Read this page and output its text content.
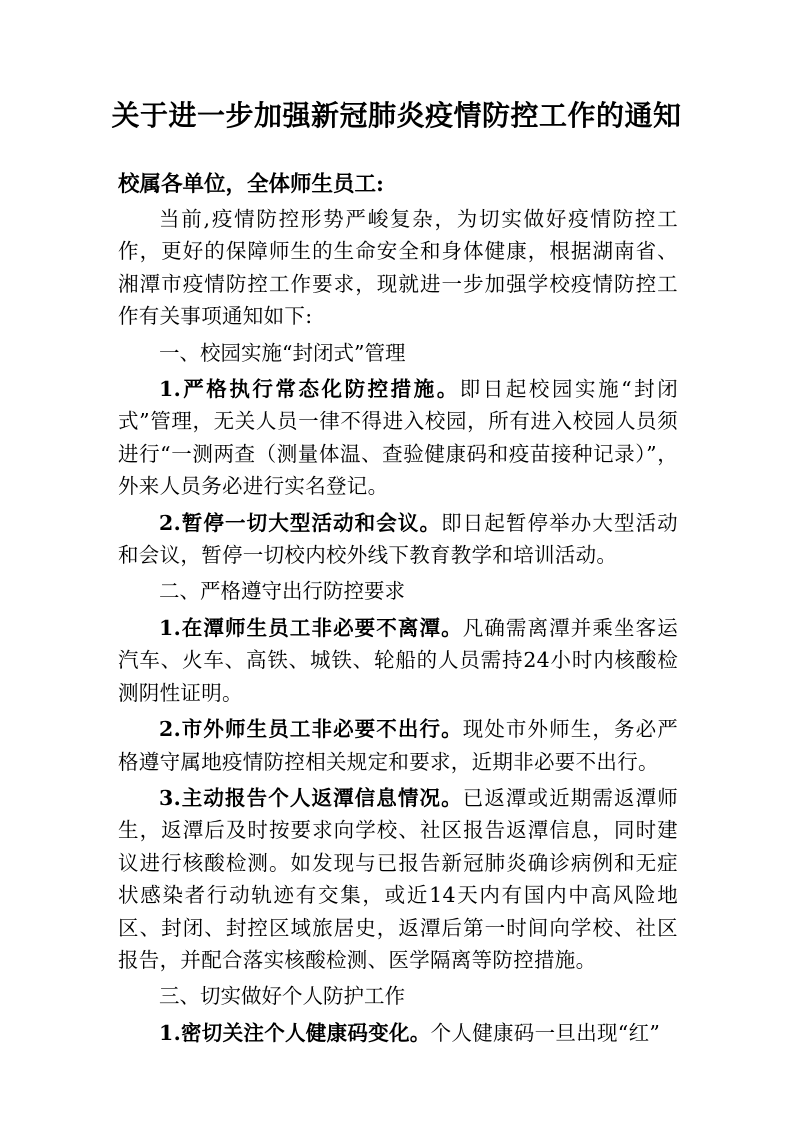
关于进一步加强新冠肺炎疫情防控工作的通知

校属各单位，全体师生员工:

当前,疫情防控形势严峻复杂，为切实做好疫情防控工作，更好的保障师生的生命安全和身体健康，根据湖南省、湘潭市疫情防控工作要求，现就进一步加强学校疫情防控工作有关事项通知如下:

一、校园实施“封闭式”管理

1.严格执行常态化防控措施。即日起校园实施“封闭式”管理，无关人员一律不得进入校园，所有进入校园人员须进行“一测两查（测量体温、查验健康码和疫苗接种记录）”，外来人员务必进行实名登记。

2.暂停一切大型活动和会议。即日起暂停举办大型活动和会议，暂停一切校内校外线下教育教学和培训活动。

二、严格遵守出行防控要求

1.在潭师生员工非必要不离潭。凡确需离潭并乘坐客运汽车、火车、高铁、城铁、轮船的人员需持24小时内核酸检测阴性证明。

2.市外师生员工非必要不出行。现处市外师生，务必严格遵守属地疫情防控相关规定和要求，近期非必要不出行。

3.主动报告个人返潭信息情况。已返潭或近期需返潭师生，返潭后及时按要求向学校、社区报告返潭信息，同时建议进行核酸检测。如发现与已报告新冠肺炎确诊病例和无症状感染者行动轨迹有交集，或近14天内有国内中高风险地区、封闭、封控区域旅居史，返潭后第一时间向学校、社区报告，并配合落实核酸检测、医学隔离等防控措施。

三、切实做好个人防护工作

1.密切关注个人健康码变化。个人健康码一旦出现“红”
